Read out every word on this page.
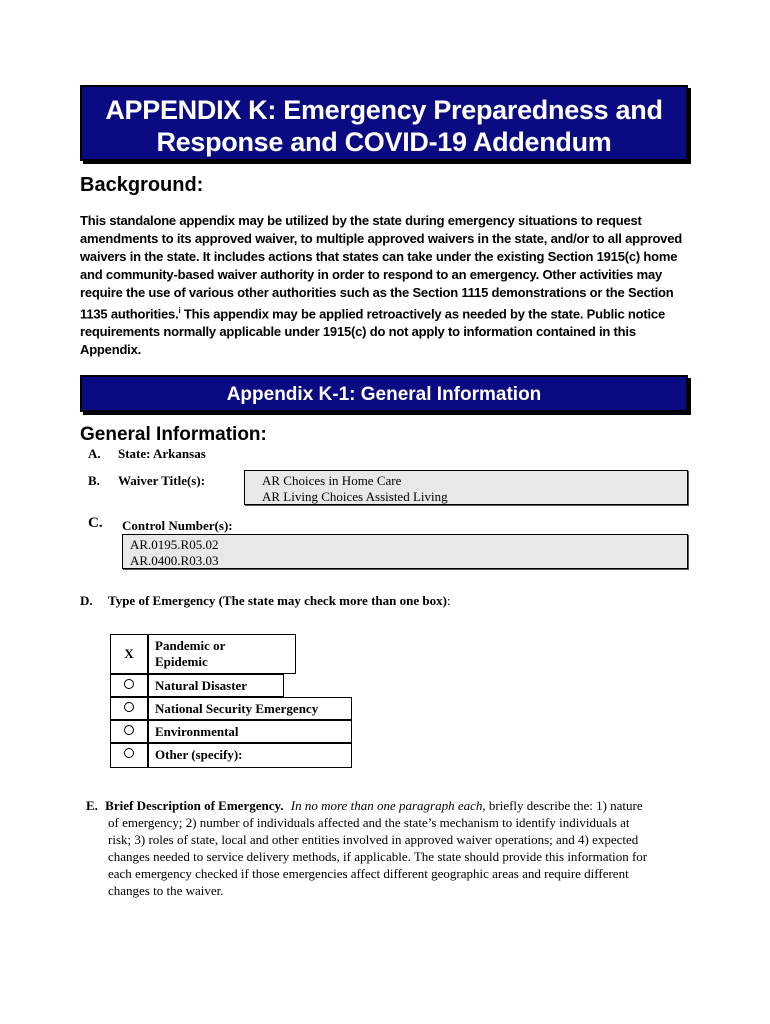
APPENDIX K: Emergency Preparedness and
Response and COVID-19 Addendum
Background:
This standalone appendix may be utilized by the state during emergency situations to request amendments to its approved waiver, to multiple approved waivers in the state, and/or to all approved waivers in the state. It includes actions that states can take under the existing Section 1915(c) home and community-based waiver authority in order to respond to an emergency. Other activities may require the use of various other authorities such as the Section 1115 demonstrations or the Section 1135 authorities.$^i$ This appendix may be applied retroactively as needed by the state. Public notice requirements normally applicable under 1915(c) do not apply to information contained in this Appendix.
Appendix K-1: General Information
General Information:
A. State: Arkansas
B. Waiver Title(s):	AR Choices in Home Care
AR Living Choices Assisted Living
C. Control Number(s):
AR.0195.R05.02
AR.0400.R03.03
D. Type of Emergency (The state may check more than one box):
X
Pandemic or
Epidemic
Natural Disaster
National Security Emergency
Environmental
Other (specify):
E. Brief Description of Emergency. In no more than one paragraph each, briefly describe the: 1) nature
of emergency; 2) number of individuals affected and the state’s mechanism to identify individuals at
risk; 3) roles of state, local and other entities involved in approved waiver operations; and 4) expected
changes needed to service delivery methods, if applicable. The state should provide this information for
each emergency checked if those emergencies affect different geographic areas and require different
changes to the waiver.
